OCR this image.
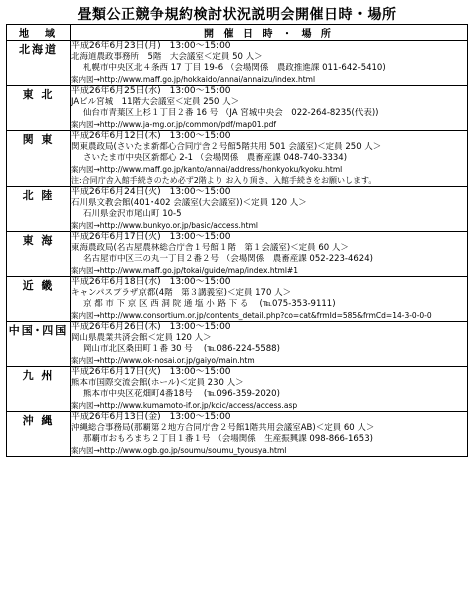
畳類公正競争規約検討状況説明会開催日時・場所
地　域	開 催 日 時 ・ 場 所
北海道	平成26年6月23日(月)　13:00～15:00
北海道農政事務所　5階　大会議室＜定員 50 人＞
札幌市中央区北４条西 17 丁目 19-6 （会場関係　農政推進課 011-642-5410)
案内図→http://www.maff.go.jp/hokkaido/annai/annaizu/index.html

東 北	平成26年6月25日(水)　13:00～15:00
JAビル宮城　11階大会議室＜定員 250 人＞
仙台市青葉区上杉１丁目２番 16 号 （JA 宮城中央会　022-264-8235(代表))
案内図→http://www.ja-mg.or.jp/common/pdf/map01.pdf

関 東	平成26年6月12日(木)　13:00～15:00
関東農政局(さいたま新都心合同庁舎２号館5階共用 501 会議室)＜定員 250 人＞
さいたま市中央区新都心 2-1 （会場関係　農畜産課 048-740-3334)
案内図→http://www.maff.go.jp/kanto/annai/address/honkyoku/kyoku.html
注:合同庁舎入館手続きのため必ず2階より お入り頂き、入館手続きをお願いします。

北 陸	平成26年6月24日(火)　13:00～15:00
石川県文教会館(401･402 会議室(大会議室))＜定員 120 人＞
石川県金沢市尾山町 10-5
案内図→http://www.bunkyo.or.jp/basic/access.html

東 海	平成26年6月17日(火)　13:00～15:00
東海農政局(名古屋農林総合庁舎１号館１階　第１会議室)＜定員 60 人＞
名古屋市中区三の丸一丁目２番２号 （会場関係　農畜産課 052-223-4624)
案内図→http://www.maff.go.jp/tokai/guide/map/index.html#1

近 畿	平成26年6月18日(水)　13:00～15:00
キャンパスプラザ京都(4階　第３講義室)＜定員 170 人＞
京 都 市 下 京 区 西 洞 院 通 塩 小 路 下 る 　(℡075-353-9111)
案内図→http://www.consortium.or.jp/contents_detail.php?co=cat&frmId=585&frmCd=14-3-0-0-0

中国･四国	平成26年6月26日(木)　13:00～15:00
岡山県農業共済会館＜定員 120 人＞
岡山市北区桑田町１番 30 号 　(℡086-224-5588)
案内図→http://www.ok-nosai.or.jp/gaiyo/main.htm

九 州	平成26年6月17日(火)　13:00～15:00
熊本市国際交流会館(ホール)＜定員 230 人＞
熊本市中央区花畑町4番18号 　(℡096-359-2020)
案内図→http://www.kumamoto-if.or.jp/kcic/access/access.asp

沖 縄	平成26年6月13日(金)　13:00～15:00
沖縄総合事務局(那覇第２地方合同庁舎２号館1階共用会議室AB)＜定員 60 人＞
那覇市おもろまち２丁目１番１号 （会場関係　生産振興課 098-866-1653)
案内図→http://www.ogb.go.jp/soumu/soumu_tyousya.html
